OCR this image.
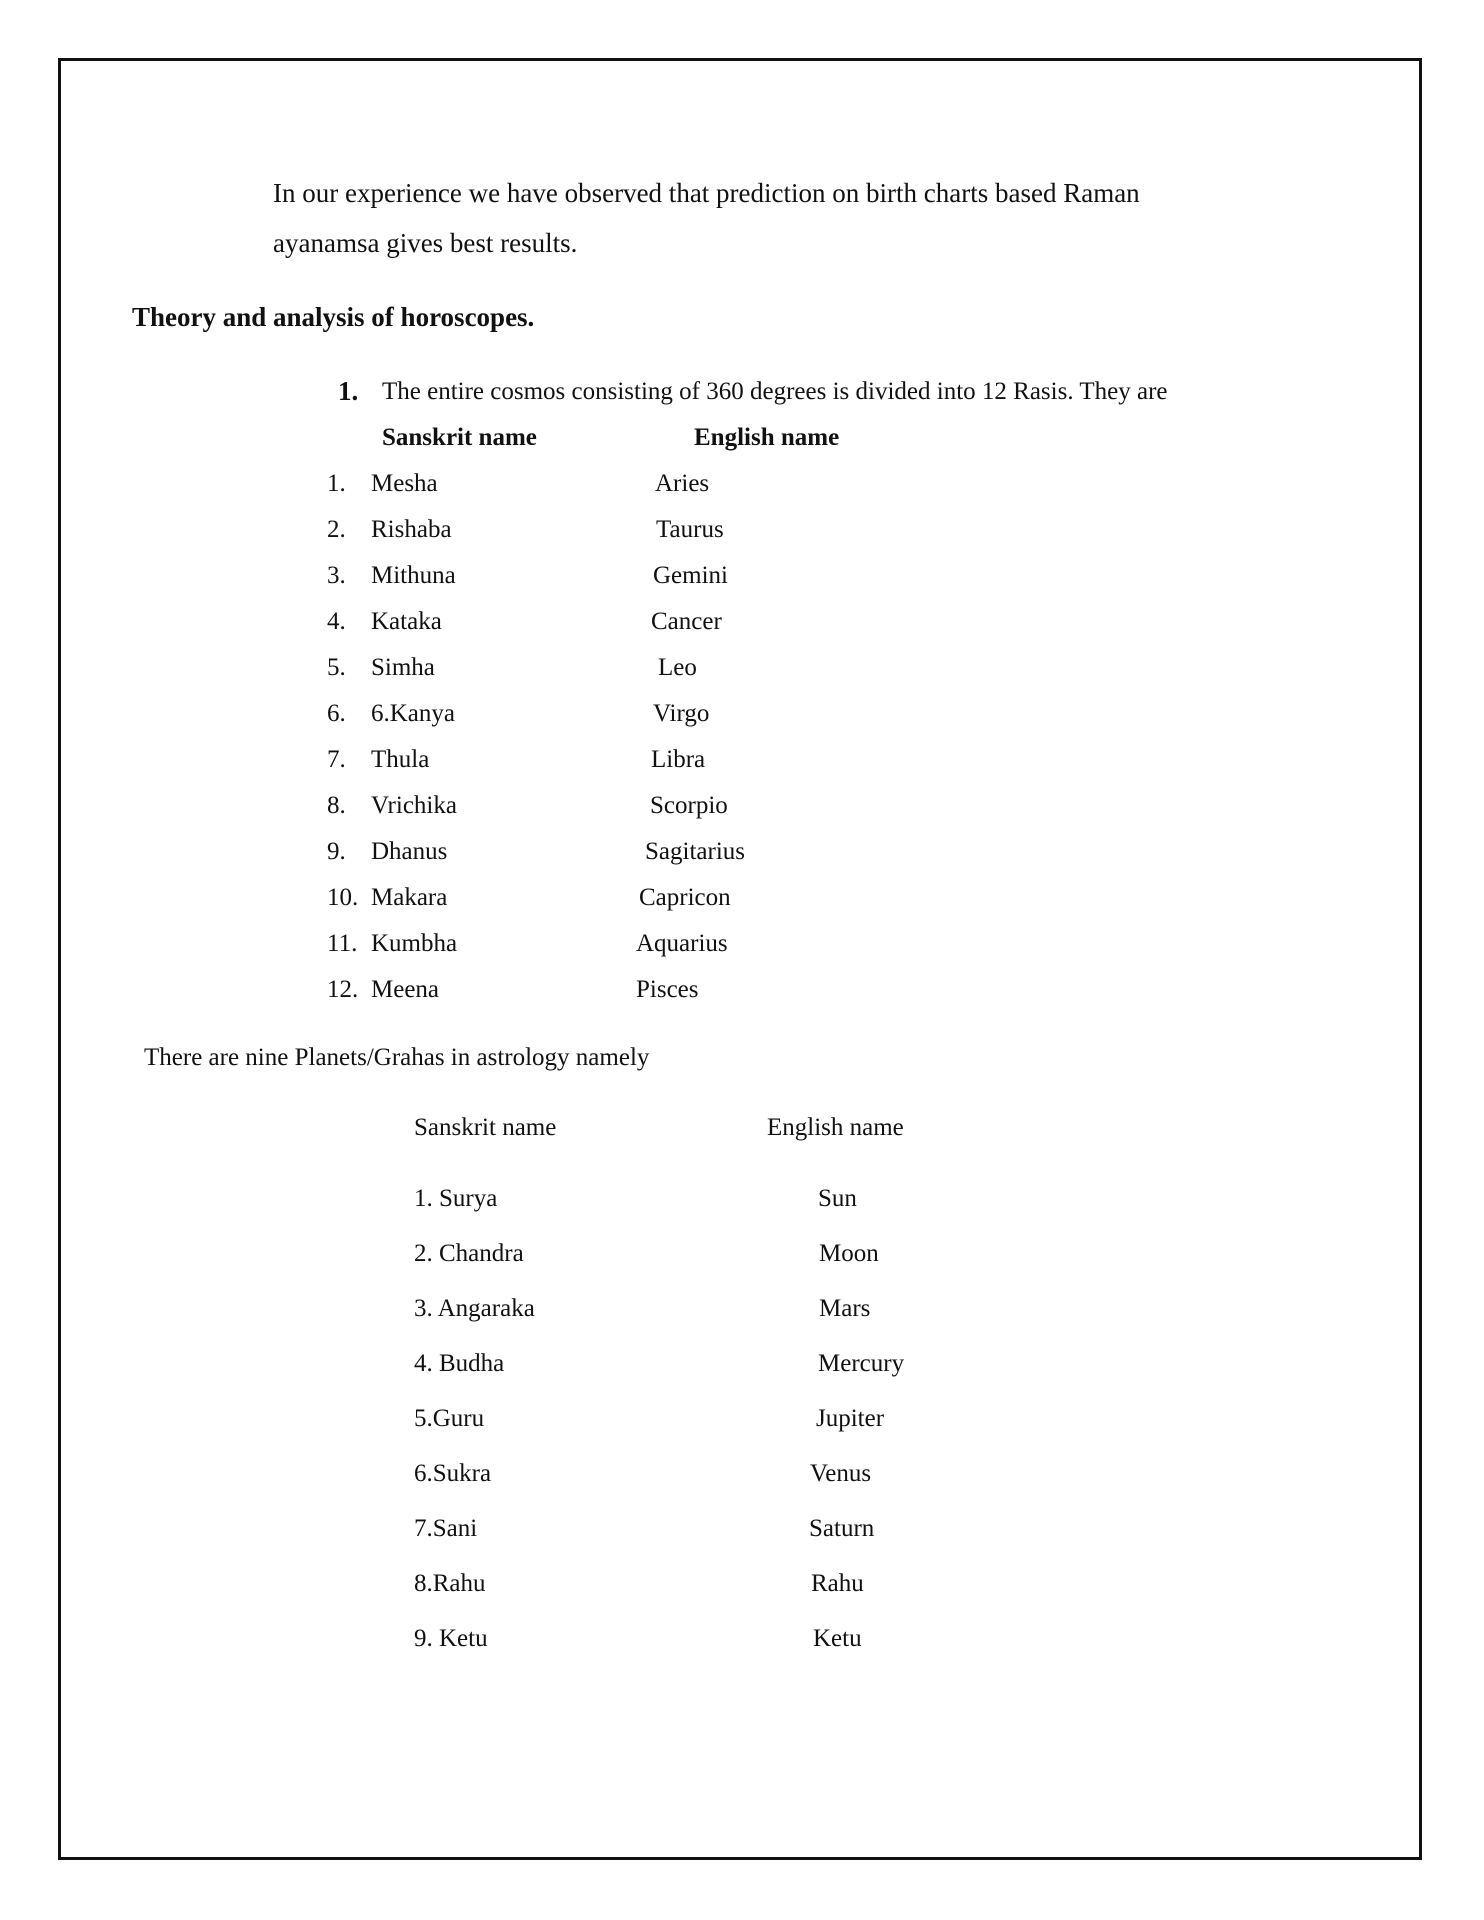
In our experience we have observed that prediction on birth charts based Raman
ayanamsa gives best results.
Theory and analysis of horoscopes.
1. The entire cosmos consisting of 360 degrees is divided into 12 Rasis. They are
Sanskrit name	English name
1. Mesha	Aries
2. Rishaba	Taurus
3. Mithuna	Gemini
4. Kataka	Cancer
5. Simha	Leo
6. 6.Kanya	Virgo
7. Thula	Libra
8. Vrichika	Scorpio
9. Dhanus	Sagitarius
10. Makara	Capricon
11. Kumbha	Aquarius
12. Meena	Pisces
There are nine Planets/Grahas in astrology namely
Sanskrit name	English name
1. Surya	Sun
2. Chandra	Moon
3. Angaraka	Mars
4. Budha	Mercury
5.Guru	Jupiter
6.Sukra	Venus
7.Sani	Saturn
8.Rahu	Rahu
9. Ketu	Ketu
